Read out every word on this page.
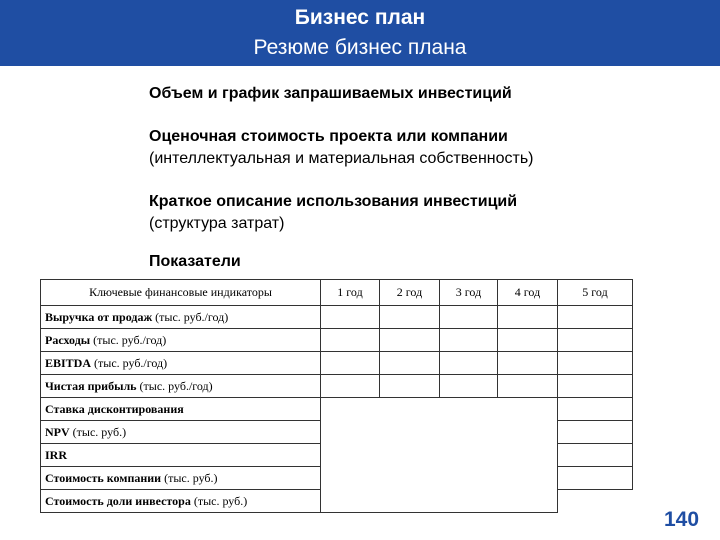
Бизнес план
Резюме бизнес плана
Объем и график запрашиваемых инвестиций
Оценочная стоимость проекта или компании
(интеллектуальная и материальная собственность)
Краткое описание использования инвестиций
(структура затрат)
Показатели
Ключевые финансовые индикаторы	1 год	2 год	3 год	4 год	5 год
Выручка от продаж (тыс. руб./год)					
Расходы (тыс. руб./год)					
EBITDA (тыс. руб./год)					
Чистая прибыль (тыс. руб./год)					
Ставка дисконтирования					
NPV (тыс. руб.)					
IRR					
Стоимость компании (тыс. руб.)					
Стоимость доли инвестора (тыс. руб.)					
140
